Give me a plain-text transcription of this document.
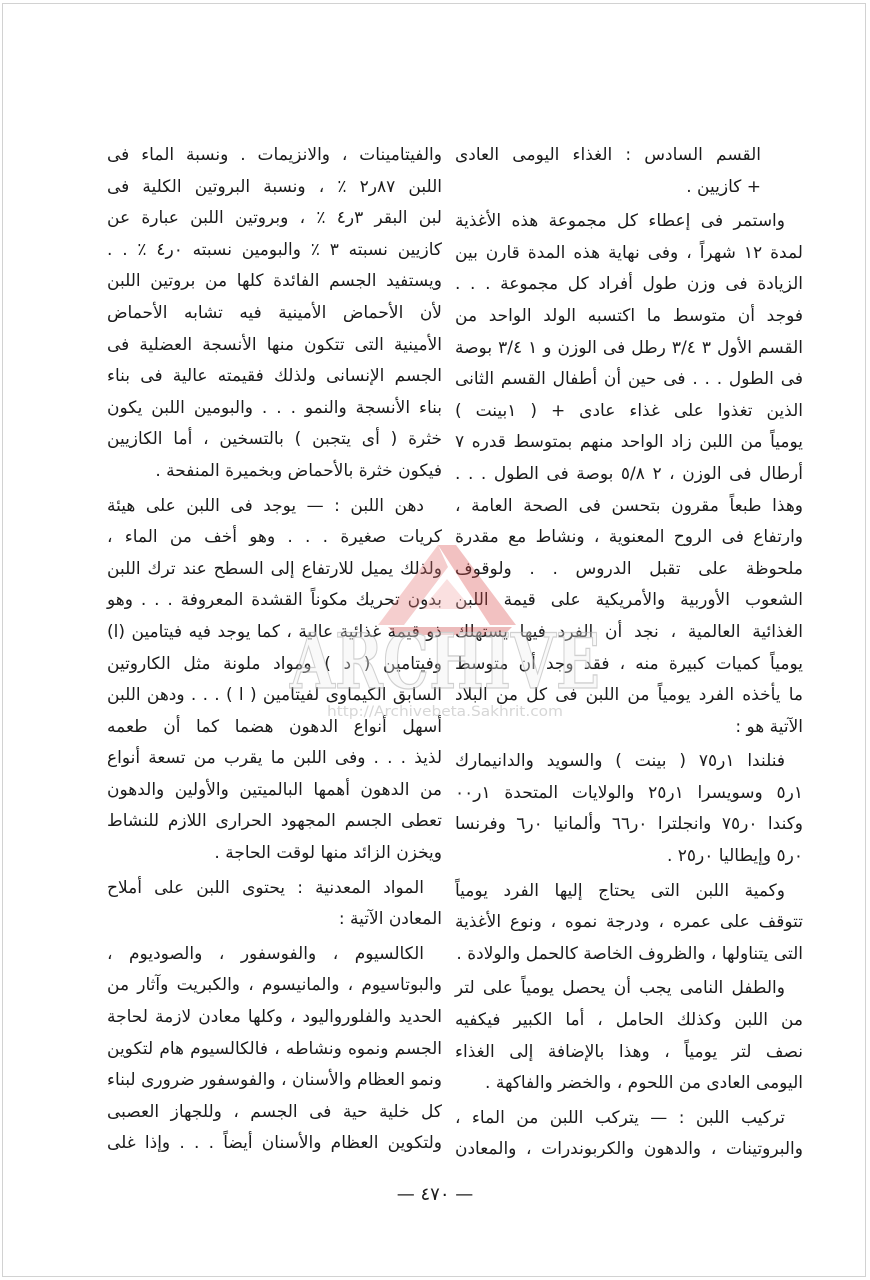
القسم السادس : الغذاء اليومى العادى
+ كازيين .
واستمر فى إعطاء كل مجموعة هذه الأغذية
لمدة ١٢ شهراً ، وفى نهاية هذه المدة قارن بين
الزيادة فى وزن طول أفراد كل مجموعة . . .
فوجد أن متوسط ما اكتسبه الولد الواحد من
القسم الأول ٣ ٣/٤ رطل فى الوزن و ١ ٣/٤ بوصة
فى الطول . . . فى حين أن أطفال القسم الثانى
الذين تغذوا على غذاء عادى + ( ١بينت )
يومياً من اللبن زاد الواحد منهم بمتوسط قدره ٧
أرطال فى الوزن ، ٢ ٥/٨ بوصة فى الطول . . .
وهذا طبعاً مقرون بتحسن فى الصحة العامة ،
وارتفاع فى الروح المعنوية ، ونشاط مع مقدرة
ملحوظة على تقبل الدروس . . ولوقوف
الشعوب الأوربية والأمريكية على قيمة اللبن
الغذائية العالمية ، نجد أن الفرد فيها يستهلك
يومياً كميات كبيرة منه ، فقد وجد أن متوسط
ما يأخذه الفرد يومياً من اللبن فى كل من البلاد
الآتية هو :
فنلندا ١ر٧٥ ( بينت ) والسويد والدانيمارك
١ر٥ وسويسرا ١ر٢٥ والولايات المتحدة ١ر٠٠
وكندا ٠ر٧٥ وانجلترا ٠ر٦٦ وألمانيا ٠ر٦ وفرنسا
٠ر٥ وإيطاليا ٠ر٢٥ .
وكمية اللبن التى يحتاج إليها الفرد يومياً
تتوقف على عمره ، ودرجة نموه ، ونوع الأغذية
التى يتناولها ، والظروف الخاصة كالحمل والولادة .
والطفل النامى يجب أن يحصل يومياً على لتر
من اللبن وكذلك الحامل ، أما الكبير فيكفيه
نصف لتر يومياً ، وهذا بالإضافة إلى الغذاء
اليومى العادى من اللحوم ، والخضر والفاكهة .
تركيب اللبن : — يتركب اللبن من الماء ،
والبروتينات ، والدهون والكربوندرات ، والمعادن
والفيتامينات ، والانزيمات . ونسبة الماء فى
اللبن ٨٧ر٢ ٪ ، ونسبة البروتين الكلية فى
لبن البقر ٣ر٤ ٪ ، وبروتين اللبن عبارة عن
كازيين نسبته ٣ ٪ والبومين نسبته ٠ر٤ ٪ . .
ويستفيد الجسم الفائدة كلها من بروتين اللبن
لأن الأحماض الأمينية فيه تشابه الأحماض
الأمينية التى تتكون منها الأنسجة العضلية فى
الجسم الإنسانى ولذلك فقيمته عالية فى بناء
بناء الأنسجة والنمو . . . والبومين اللبن يكون
خثرة ( أى يتجبن ) بالتسخين ، أما الكازيين
فيكون خثرة بالأحماض وبخميرة المنفحة .
دهن اللبن : — يوجد فى اللبن على هيئة
كريات صغيرة . . . وهو أخف من الماء ،
ولذلك يميل للارتفاع إلى السطح عند ترك اللبن
بدون تحريك مكوناً القشدة المعروفة . . . وهو
ذو قيمة غذائية عالية ، كما يوجد فيه فيتامين (ا)
وفيتامين ( د ) ومواد ملونة مثل الكاروتين
السابق الكيماوى لفيتامين ( ا ) . . . ودهن اللبن
أسهل أنواع الدهون هضما كما أن طعمه
لذيذ . . . وفى اللبن ما يقرب من تسعة أنواع
من الدهون أهمها البالميتين والأولين والدهون
تعطى الجسم المجهود الحرارى اللازم للنشاط
ويخزن الزائد منها لوقت الحاجة .
المواد المعدنية : يحتوى اللبن على أملاح
المعادن الآتية :
الكالسيوم ، والفوسفور ، والصوديوم ،
والبوتاسيوم ، والمانيسوم ، والكبريت وآثار من
الحديد والفلورواليود ، وكلها معادن لازمة لحاجة
الجسم ونموه ونشاطه ، فالكالسيوم هام لتكوين
ونمو العظام والأسنان ، والفوسفور ضرورى لبناء
كل خلية حية فى الجسم ، وللجهاز العصبى
ولتكوين العظام والأسنان أيضاً . . . وإذا غلى
ARCHIVE
http://Archivebeta.Sakhrit.com
— ٤٧٠ —
